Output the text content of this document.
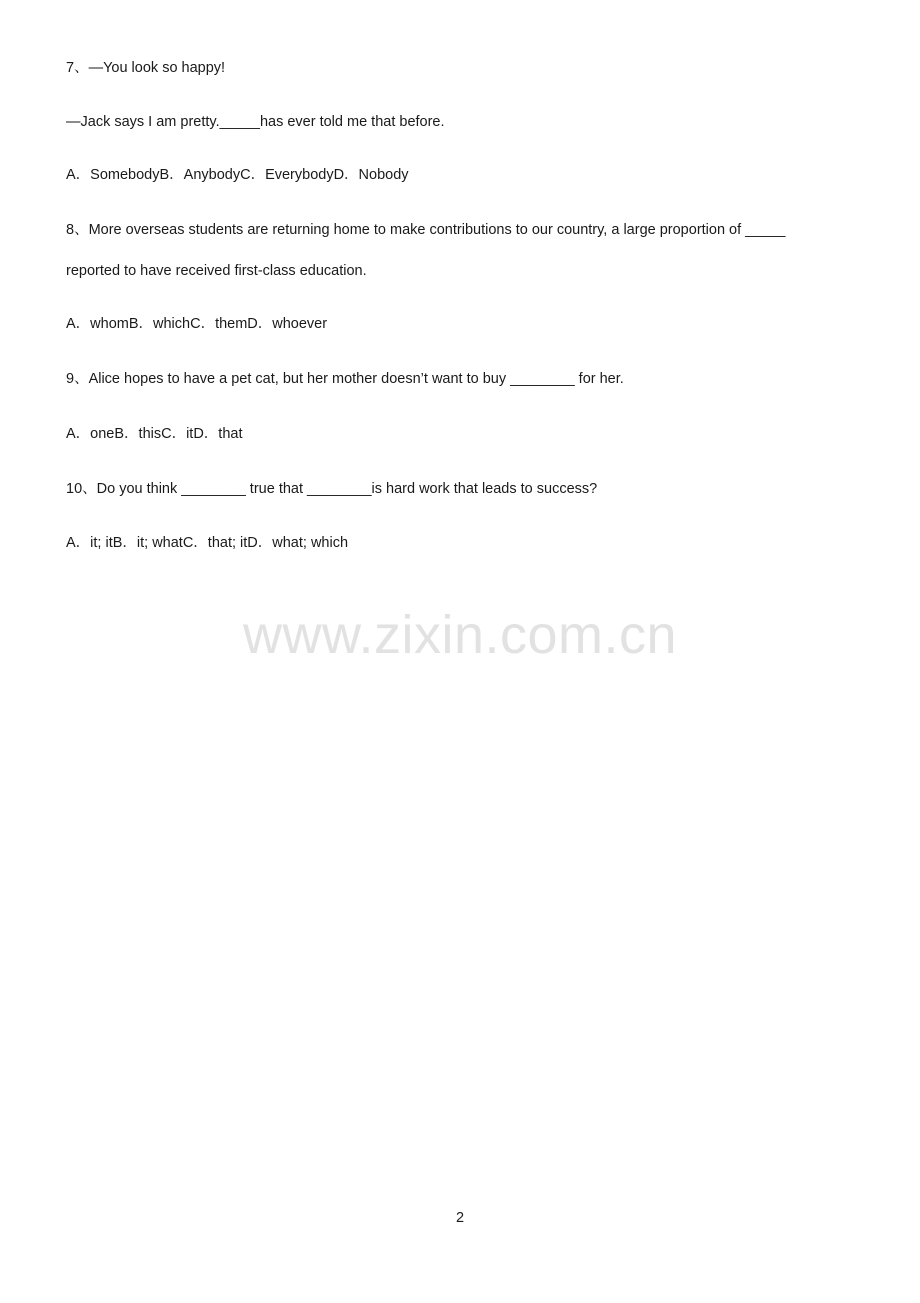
7、—You look so happy!
—Jack says I am pretty._____has ever told me that before.
A．SomebodyB．AnybodyC．EverybodyD．Nobody
8、More overseas students are returning home to make contributions to our country, a large proportion of _____
reported to have received first-class education.
A．whomB．whichC．themD．whoever
9、Alice hopes to have a pet cat, but her mother doesn’t want to buy ________ for her.
A．oneB．thisC．itD．that
10、Do you think ________ true that ________is hard work that leads to success?
A．it; itB．it; whatC．that; itD．what; which
www.zixin.com.cn
2
